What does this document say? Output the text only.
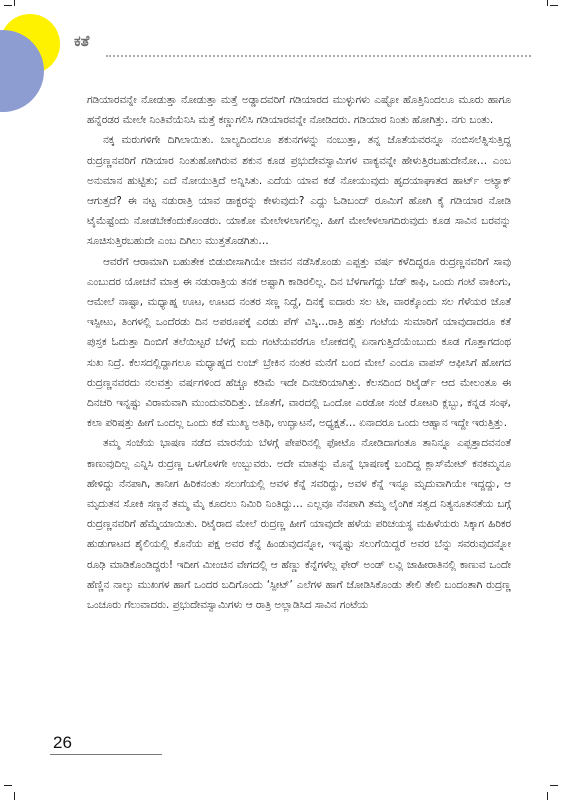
ಕತೆ

ಗಡಿಯಾರವನ್ನೇ ನೋಡುತ್ತಾ ನೋಡುತ್ತಾ ಮತ್ತೆ ಅಡ್ಡಾದವರಿಗೆ ಗಡಿಯಾರದ ಮುಳ್ಳುಗಳು ಎಷ್ಟೋ ಹೊತ್ತಿನಿಂದಲೂ ಮೂರು ಹಾಗೂ ಹನ್ನೆರಡರ ಮೇಲೇ ನಿಂತಿವೆಯೆನಿಸಿ ಮತ್ತೆ ಕಣ್ಣುಗಲಿಸಿ ಗಡಿಯಾರವನ್ನೇ ನೋಡಿದರು. ಗಡಿಯಾರ ನಿಂತು ಹೋಗಿತ್ತು. ನಗು ಬಂತು.

ನಕ್ಕ ಮರುಗಳಿಗೇ ದಿಗಿಲಾಯಿತು. ಬಾಲ್ಯದಿಂದಲೂ ಶಕುನಗಳನ್ನು ನಂಬುತ್ತಾ, ತನ್ನ ಜೊತೆಯವರನ್ನೂ ನಂಬಿಸಲೆತ್ನಿಸುತ್ತಿದ್ದ ರುದ್ರಣ್ಣನವರಿಗೆ ಗಡಿಯಾರ ನಿಂತುಹೋಗಿರುವ ಶಕುನ ಕೂಡ ಪ್ರಭುದೇವಸ್ವಾಮಿಗಳ ವಾಕ್ಯವನ್ನೇ ಹೇಳುತ್ತಿರಬಹುದೇನೋ… ಎಂಬ ಅನುಮಾನ ಹುಟ್ಟಿತು; ಎದೆ ನೋಯುತ್ತಿದೆ ಅನ್ನಿಸಿತು. ಎದೆಯ ಯಾವ ಕಡೆ ನೋಯುವುದು ಹೃದಯಾಘಾತದ ಹಾರ್ಟ್ ಅಟ್ಯಾಕ್ ಆಗುತ್ತದೆ? ಈ ನಟ್ಟ ನಡುರಾತ್ರಿ ಯಾವ ಡಾಕ್ಟರನ್ನು ಕೇಳುವುದು? ಎದ್ದು ಓಡಿಬಂದ್ ರೂಮಿಗೆ ಹೋಗಿ ಕೈ ಗಡಿಯಾರ ನೋಡಿ ಟೈಮೆಷ್ಟೆಂದು ನೋಡಬೇಕೆಂದುಕೊಂಡರು. ಯಾಕೋ ಮೇಲೇಳಲಾಗಲಿಲ್ಲ. ಹೀಗೆ ಮೇಲೇಳಲಾಗದಿರುವುದು ಕೂಡ ಸಾವಿನ ಬರವನ್ನು ಸೂಚಿಸುತ್ತಿರಬಹುದೇ ಎಂಬ ದಿಗಿಲು ಮುತ್ತತೊಡಗಿತು…

ಆವರೆಗೆ ಆರಾಮಾಗಿ ಬಹುತೇಕ ಬಿಡುಬೀಸಾಗಿಯೇ ಜೀವನ ನಡೆಸಿಕೊಂಡು ಎಪ್ಪತ್ತು ವರ್ಷ ಕಳೆದಿದ್ದರೂ ರುದ್ರಣ್ಣನವರಿಗೆ ಸಾವು ಎಂಬುದರ ಯೋಚನೆ ಮಾತ್ರ ಈ ನಡುರಾತ್ರಿಯ ತನಕ ಅಷ್ಟಾಗಿ ಕಾಡಿರಲಿಲ್ಲ. ದಿನ ಬೆಳಗಾಗೆದ್ದು ಬೆಡ್ ಕಾಫಿ, ಒಂದು ಗಂಟೆ ವಾಕಿಂಗು, ಆಮೇಲೆ ನಾಷ್ಟಾ, ಮಧ್ಯಾಹ್ನ ಊಟ, ಊಟದ ನಂತರ ಸಣ್ಣ ನಿದ್ದೆ, ದಿನಕ್ಕೆ ಐದಾರು ಸಲ ಟೀ, ವಾರಕ್ಕೊಂದು ಸಲ ಗೆಳೆಯರ ಜೊತೆ ಇಸ್ಪೀಟು, ತಿಂಗಳಲ್ಲಿ ಒಂದೆರಡು ದಿನ ಅಪರೂಪಕ್ಕೆ ಎರಡು ಪೆಗ್ ವಿಸ್ಕಿ…ರಾತ್ರಿ ಹತ್ತು ಗಂಟೆಯ ಸುಮಾರಿಗೆ ಯಾವುದಾದರೂ ಕತೆ ಪುಸ್ತಕ ಓದುತ್ತಾ ದಿಂಬಿಗೆ ತಲೆಯಿಟ್ಟರೆ ಬೆಳಗ್ಗೆ ಐದು ಗಂಟೆಯವರೆಗೂ ಲೋಕದಲ್ಲಿ ಏನಾಗುತ್ತಿದೆಯೆಂಬುದು ಕೂಡ ಗೊತ್ತಾಗದಂಥ ಸುಖ ನಿದ್ರೆ. ಕೆಲಸದಲ್ಲಿದ್ದಾಗಲೂ ಮಧ್ಯಾಹ್ನದ ಲಂಚ್ ಬ್ರೇಕಿನ ನಂತರ ಮನೆಗೆ ಬಂದ ಮೇಲೆ ಎಂದೂ ವಾಪಸ್ ಆಫೀಸಿಗೆ ಹೋಗದ ರುದ್ರಣ್ಣನವರದು ನಲವತ್ತು ವರ್ಷಗಳಿಂದ ಹೆಚ್ಚೂ ಕಡಿಮೆ ಇದೇ ದಿನಚರಿಯಾಗಿತ್ತು. ಕೆಲಸದಿಂದ ರಿಟೈರ್ಡ್ ಆದ ಮೇಲಂತೂ ಈ ದಿನಚರಿ ಇನ್ನಷ್ಟು ವಿರಾಮವಾಗಿ ಮುಂದುವರಿದಿತ್ತು. ಜೊತೆಗೆ, ವಾರದಲ್ಲಿ ಒಂದೋ ಎರಡೋ ಸಂಜೆ ರೋಟರಿ ಕ್ಲಬ್ಬು, ಕನ್ನಡ ಸಂಘ, ಕಲಾ ಪರಿಷತ್ತು ಹೀಗೆ ಒಂದಲ್ಲ ಒಂದು ಕಡೆ ಮುಖ್ಯ ಅತಿಥಿ, ಉದ್ಘಾಟನೆ, ಅಧ್ಯಕ್ಷತೆ… ಏನಾದರೂ ಒಂದು ಆಹ್ವಾನ ಇದ್ದೇ ಇರುತ್ತಿತ್ತು.

ತಮ್ಮ ಸಂಜೆಯ ಭಾಷಣ ನಡೆದ ಮಾರನೆಯ ಬೆಳಗ್ಗೆ ಪೇಪರಿನಲ್ಲಿ ಫೋಟೊ ನೋಡಿದಾಗಂತೂ ತಾನಿನ್ನೂ ಎಪ್ಪತ್ತಾದವನಂತೆ ಕಾಣುವುದಿಲ್ಲ ಎನ್ನಿಸಿ ರುದ್ರಣ್ಣ ಒಳಗೊಳಗೇ ಉಬ್ಬುವರು. ಅದೇ ಮಾತನ್ನು ಮೊನ್ನೆ ಭಾಷಣಕ್ಕೆ ಬಂದಿದ್ದ ಕ್ಲಾಸ್‌ಮೇಟ್ ಕನಕಮ್ಮನೂ ಹೇಳಿದ್ದು ನೆನಪಾಗಿ, ತಾನೀಗ ಹಿರಿಕನಂತು ಸಲುಗೆಯಲ್ಲಿ ಅವಳ ಕೆನ್ನೆ ಸವರಿದ್ದು, ಅವಳ ಕೆನ್ನೆ ಇನ್ನೂ ಮೃದುವಾಗಿಯೇ ಇದ್ದದ್ದು, ಆ ಮೃದುತನ ಸೋಕಿ ಸಣ್ಣನೆ ತಮ್ಮ ಮೈ ಕೂದಲು ನಿಮಿರಿ ನಿಂತಿದ್ದು… ಎಲ್ಲವೂ ನೆನಪಾಗಿ ತಮ್ಮ ಲೈಂಗಿಕ ಸತ್ವದ ನಿತ್ಯನೂತನತೆಯ ಬಗ್ಗೆ ರುದ್ರಣ್ಣನವರಿಗೆ ಹೆಮ್ಮೆಯಾಯಿತು. ರಿಟೈರಾದ ಮೇಲೆ ರುದ್ರಣ್ಣ ಹೀಗೆ ಯಾವುದೇ ಹಳೆಯ ಪರಿಚಯಸ್ಥ ಮಹಿಳೆಯರು ಸಿಕ್ಕಾಗ ಹಿರಿಕರ ಹುಡುಗಾಟದ ಶೈಲಿಯಲ್ಲಿ ಕೊನೆಯ ಪಕ್ಷ ಅವರ ಕೆನ್ನೆ ಹಿಂಡುವುದನ್ನೋ, ಇನ್ನಷ್ಟು ಸಲುಗೆಯಿದ್ದರೆ ಅವರ ಬೆನ್ನು ಸವರುವುದನ್ನೋ ರೂಢಿ ಮಾಡಿಕೊಂಡಿದ್ದರು! ಇದೀಗ ಮೀಂಚಿನ ವೇಗದಲ್ಲಿ ಆ ಹೆಣ್ಣು ಕೆನ್ನೆಗಳೆಲ್ಲ ಫೇರ್ ಅಂಡ್ ಲವ್ಲಿ ಜಾಹೀರಾತಿನಲ್ಲಿ ಕಾಣುವ ಒಂದೇ ಹೆಣ್ಣಿನ ನಾಲ್ಕು ಮುಖಗಳ ಹಾಗೆ ಒಂದರ ಬದಿಗೊಂದು ‘ಸ್ಪೀಟ್’ ಎಲೆಗಳ ಹಾಗೆ ಜೋಡಿಸಿಕೊಂಡು ತೇಲಿ ತೇಲಿ ಬಂದಂತಾಗಿ ರುದ್ರಣ್ಣ ಒಂಚೂರು ಗೆಲುವಾದರು. ಪ್ರಭುದೇವಸ್ವಾಮಿಗಳು ಆ ರಾತ್ರಿ ಅಲ್ಲಾಡಿಸಿದ ಸಾವಿನ ಗಂಟೆಯ

26
